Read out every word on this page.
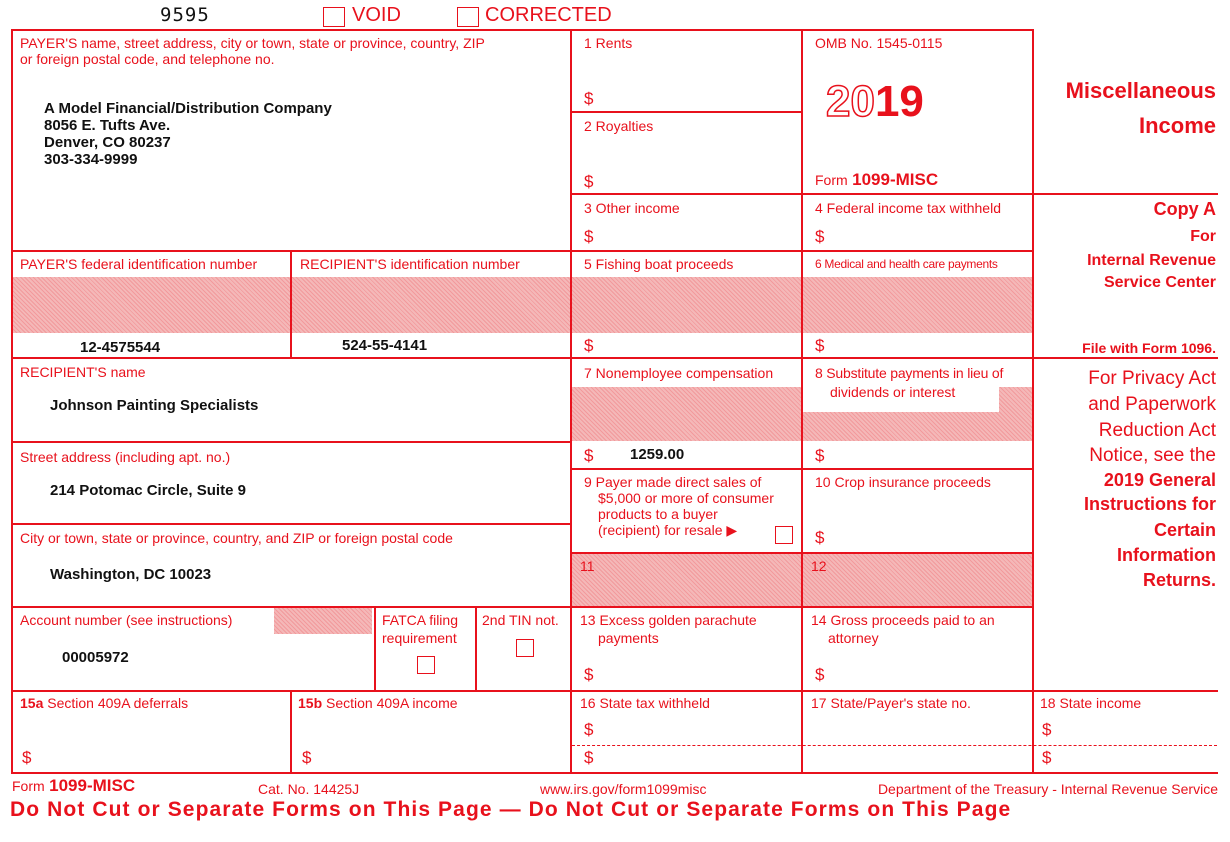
9595	VOID	CORRECTED
PAYER'S name, street address, city or town, state or province, country, ZIP
or foreign postal code, and telephone no.
A Model Financial/Distribution Company
8056 E. Tufts Ave.
Denver, CO 80237
303-334-9999
PAYER'S federal identification number
12-4575544
RECIPIENT'S identification number
524-55-4141
RECIPIENT'S name
Johnson Painting Specialists
Street address (including apt. no.)
214 Potomac Circle, Suite 9
City or town, state or province, country, and ZIP or foreign postal code
Washington, DC 10023
Account number (see instructions)
00005972
FATCA filing
requirement
2nd TIN not.
1 Rents
$
2 Royalties
$
OMB No. 1545-0115
2019
Form 1099-MISC
Miscellaneous
Income
3 Other income
$
4 Federal income tax withheld
$
5 Fishing boat proceeds
$
6 Medical and health care payments
$
7 Nonemployee compensation
$ 1259.00
8 Substitute payments in lieu of
dividends or interest
$
9 Payer made direct sales of
$5,000 or more of consumer
products to a buyer
(recipient) for resale ▶
10 Crop insurance proceeds
$
11	12
13 Excess golden parachute
payments
$
14 Gross proceeds paid to an
attorney
$
15a Section 409A deferrals
$
15b Section 409A income
$
16 State tax withheld
$
$
17 State/Payer's state no.	18 State income
$
$
Copy A
For
Internal Revenue
Service Center
File with Form 1096.
For Privacy Act
and Paperwork
Reduction Act
Notice, see the
2019 General
Instructions for
Certain
Information
Returns.
Form 1099-MISC	Cat. No. 14425J	www.irs.gov/form1099misc	Department of the Treasury - Internal Revenue Service
Do Not Cut or Separate Forms on This Page — Do Not Cut or Separate Forms on This Page
